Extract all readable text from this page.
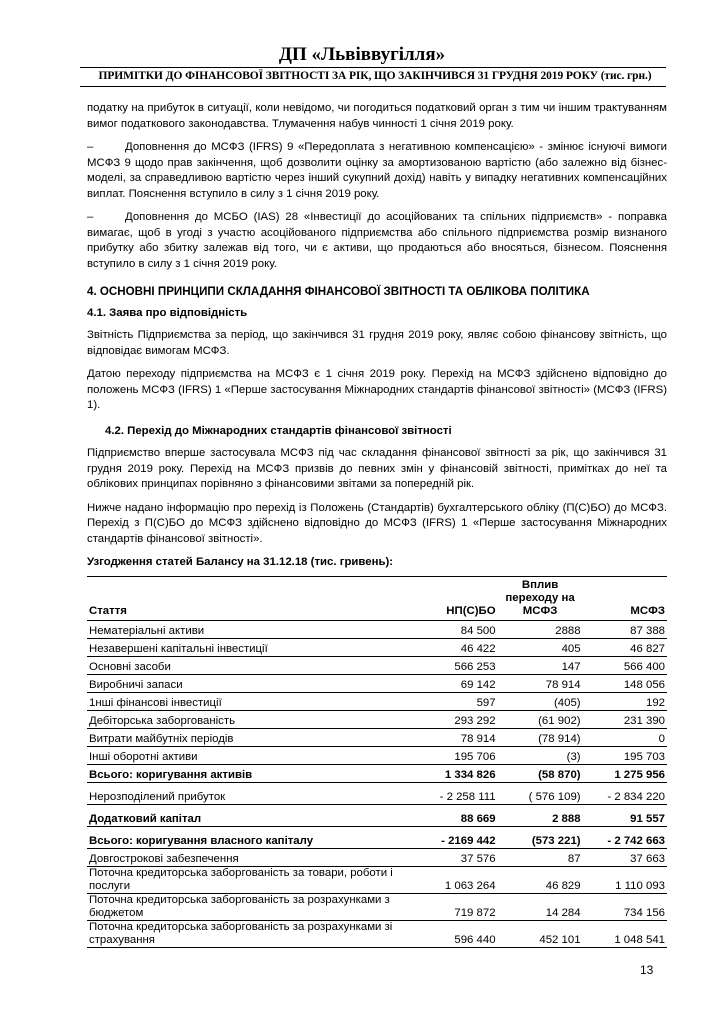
ДП «Львіввугілля»
ПРИМІТКИ ДО ФІНАНСОВОЇ ЗВІТНОСТІ ЗА РІК, ЩО ЗАКІНЧИВСЯ 31 ГРУДНЯ 2019 РОКУ (тис. грн.)

податку на прибуток в ситуації, коли невідомо, чи погодиться податковий орган з тим чи іншим трактуванням вимог податкового законодавства. Тлумачення набув чинності 1 січня 2019 року.

–	Доповнення до МСФЗ (IFRS) 9 «Передоплата з негативною компенсацією» - змінює існуючі вимоги МСФЗ 9 щодо прав закінчення, щоб дозволити оцінку за амортизованою вартістю (або залежно від бізнес-моделі, за справедливою вартістю через інший сукупний дохід) навіть у випадку негативних компенсаційних виплат. Пояснення вступило в силу з 1 січня 2019 року.

–	Доповнення до МСБО (IAS) 28 «Інвестиції до асоційованих та спільних підприємств» - поправка вимагає, щоб в угоді з участю асоційованого підприємства або спільного підприємства розмір визнаного прибутку або збитку залежав від того, чи є активи, що продаються або вносяться, бізнесом. Пояснення вступило в силу з 1 січня 2019 року.

4. ОСНОВНІ ПРИНЦИПИ СКЛАДАННЯ ФІНАНСОВОЇ ЗВІТНОСТІ ТА ОБЛІКОВА ПОЛІТИКА
4.1. Заява про відповідність

Звітність Підприємства за період, що закінчився 31 грудня 2019 року, являє собою фінансову звітність, що відповідає вимогам МСФЗ.

Датою переходу підприємства на МСФЗ є 1 січня 2019 року. Перехід на МСФЗ здійснено відповідно до положень МСФЗ (IFRS) 1 «Перше застосування Міжнародних стандартів фінансової звітності» (МСФЗ (IFRS) 1).

4.2. Перехід до Міжнародних стандартів фінансової звітності

Підприємство вперше застосувала МСФЗ під час складання фінансової звітності за рік, що закінчився 31 грудня 2019 року. Перехід на МСФЗ призвів до певних змін у фінансовій звітності, примітках до неї та облікових принципах порівняно з фінансовими звітами за попередній рік.

Нижче надано інформацію про перехід із Положень (Стандартів) бухгалтерського обліку (П(С)БО) до МСФЗ. Перехід з П(С)БО до МСФЗ здійснено відповідно до МСФЗ (IFRS) 1 «Перше застосування Міжнародних стандартів фінансової звітності».

Узгодження статей Балансу на 31.12.18 (тис. гривень):
Стаття	НП(С)БО	Вплив переходу на МСФЗ	МСФЗ
Нематеріальні активи	84 500	2888	87 388
Незавершені капітальні інвестиції	46 422	405	46 827
Основні засоби	566 253	147	566 400
Виробничі запаси	69 142	78 914	148 056
1нші фінансові інвестиції	597	(405)	192
Дебіторська заборгованість	293 292	(61 902)	231 390
Витрати майбутніх періодів	78 914	(78 914)	0
Інші оборотні активи	195 706	(3)	195 703
Всього: коригування активів	1 334 826	(58 870)	1 275 956
Нерозподілений прибуток	- 2 258 111	( 576 109)	- 2 834 220
Додатковий капітал	88 669	2 888	91 557
Всього: коригування власного капіталу	- 2169 442	(573 221)	- 2 742 663
Довгострокові забезпечення	37 576	87	37 663
Поточна кредиторська заборгованість за товари, роботи і послуги	1 063 264	46 829	1 110 093
Поточна кредиторська заборгованість за розрахунками з бюджетом	719 872	14 284	734 156
Поточна кредиторська заборгованість за розрахунками зі страхування	596 440	452 101	1 048 541
13
